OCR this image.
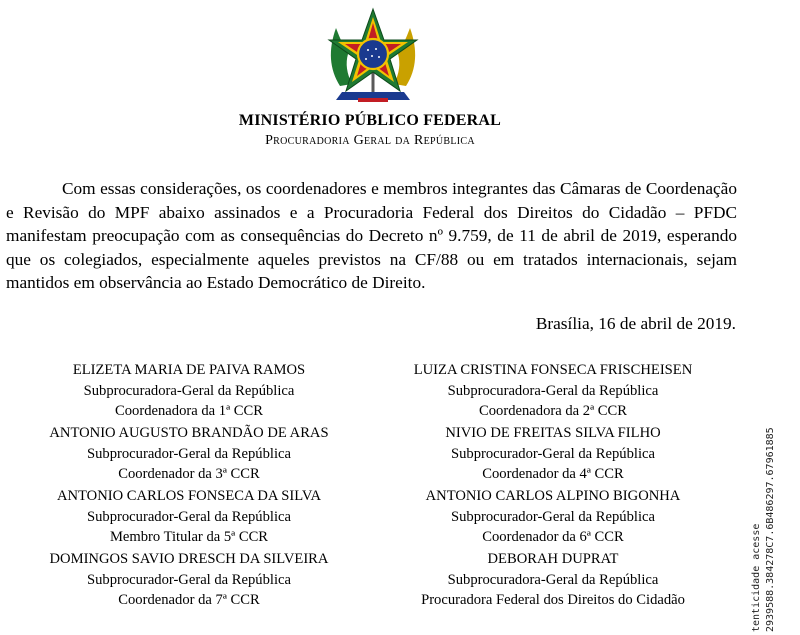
MINISTÉRIO PÚBLICO FEDERAL
Procuradoria Geral da República

Com essas considerações, os coordenadores e membros integrantes das Câmaras de Coordenação e Revisão do MPF abaixo assinados e a Procuradoria Federal dos Direitos do Cidadão – PFDC manifestam preocupação com as consequências do Decreto nº 9.759, de 11 de abril de 2019, esperando que os colegiados, especialmente aqueles previstos na CF/88 ou em tratados internacionais, sejam mantidos em observância ao Estado Democrático de Direito.

Brasília, 16 de abril de 2019.
ELIZETA MARIA DE PAIVA RAMOS
Subprocuradora-Geral da República
Coordenadora da 1ª CCR
LUIZA CRISTINA FONSECA FRISCHEISEN
Subprocuradora-Geral da República
Coordenadora da 2ª CCR
ANTONIO AUGUSTO BRANDÃO DE ARAS
Subprocurador-Geral da República
Coordenador da 3ª CCR
NIVIO DE FREITAS SILVA FILHO
Subprocurador-Geral da República
Coordenador da 4ª CCR
ANTONIO CARLOS FONSECA DA SILVA
Subprocurador-Geral da República
Membro Titular da 5ª CCR
ANTONIO CARLOS ALPINO BIGONHA
Subprocurador-Geral da República
Coordenador da 6ª CCR
DOMINGOS SAVIO DRESCH DA SILVEIRA
Subprocurador-Geral da República
Coordenador da 7ª CCR
DEBORAH DUPRAT
Subprocuradora-Geral da República
Procuradora Federal dos Direitos do Cidadão	tenticidade acesse 2939588.384278C7.6B486297.67961885
